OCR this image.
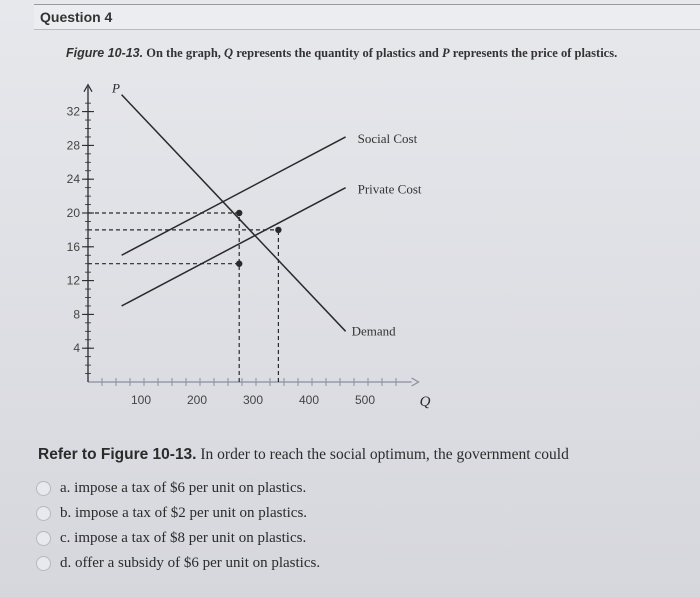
Question 4
Figure 10-13. On the graph, Q represents the quantity of plastics and P represents the price of plastics.
4
8
12
16
20
24
28
32
100	200	300	400	500
P
Q
Demand
Social Cost
Private Cost
Refer to Figure 10-13. In order to reach the social optimum, the government could
a. impose a tax of $6 per unit on plastics.
b. impose a tax of $2 per unit on plastics.
c. impose a tax of $8 per unit on plastics.
d. offer a subsidy of $6 per unit on plastics.
